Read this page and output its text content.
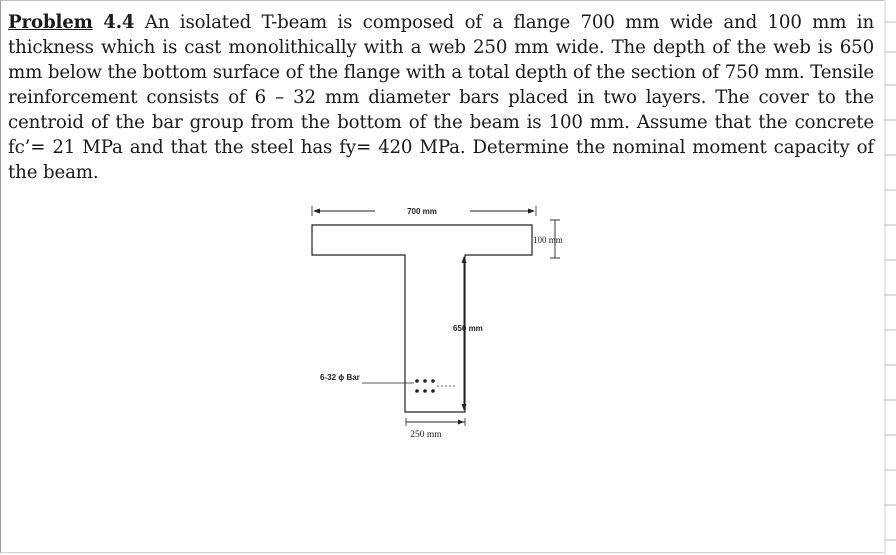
Problem 4.4 An isolated T-beam is composed of a flange 700 mm wide and 100 mm in thickness which is cast monolithically with a web 250 mm wide. The depth of the web is 650 mm below the bottom surface of the flange with a total depth of the section of 750 mm. Tensile reinforcement consists of 6 – 32 mm diameter bars placed in two layers. The cover to the centroid of the bar group from the bottom of the beam is 100 mm. Assume that the concrete fc’= 21 MPa and that the steel has fy= 420 MPa. Determine the nominal moment capacity of the beam.
700 mm
100 mm
650 mm
6-32 ϕ Bar
250 mm
